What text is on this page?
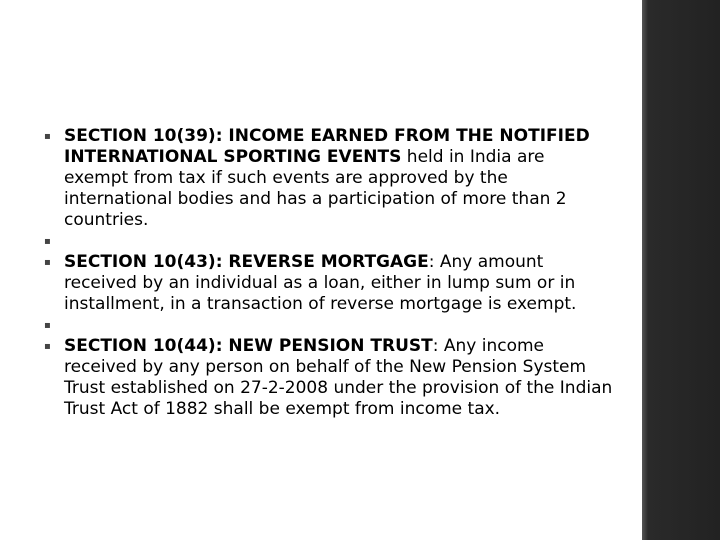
▪ SECTION 10(39): INCOME EARNED FROM THE NOTIFIED INTERNATIONAL SPORTING EVENTS held in India are exempt from tax if such events are approved by the international bodies and has a participation of more than 2 countries.

▪

▪ SECTION 10(43): REVERSE MORTGAGE: Any amount received by an individual as a loan, either in lump sum or in installment, in a transaction of reverse mortgage is exempt.

▪

▪ SECTION 10(44): NEW PENSION TRUST: Any income received by any person on behalf of the New Pension System Trust established on 27-2-2008 under the provision of the Indian Trust Act of 1882 shall be exempt from income tax.
